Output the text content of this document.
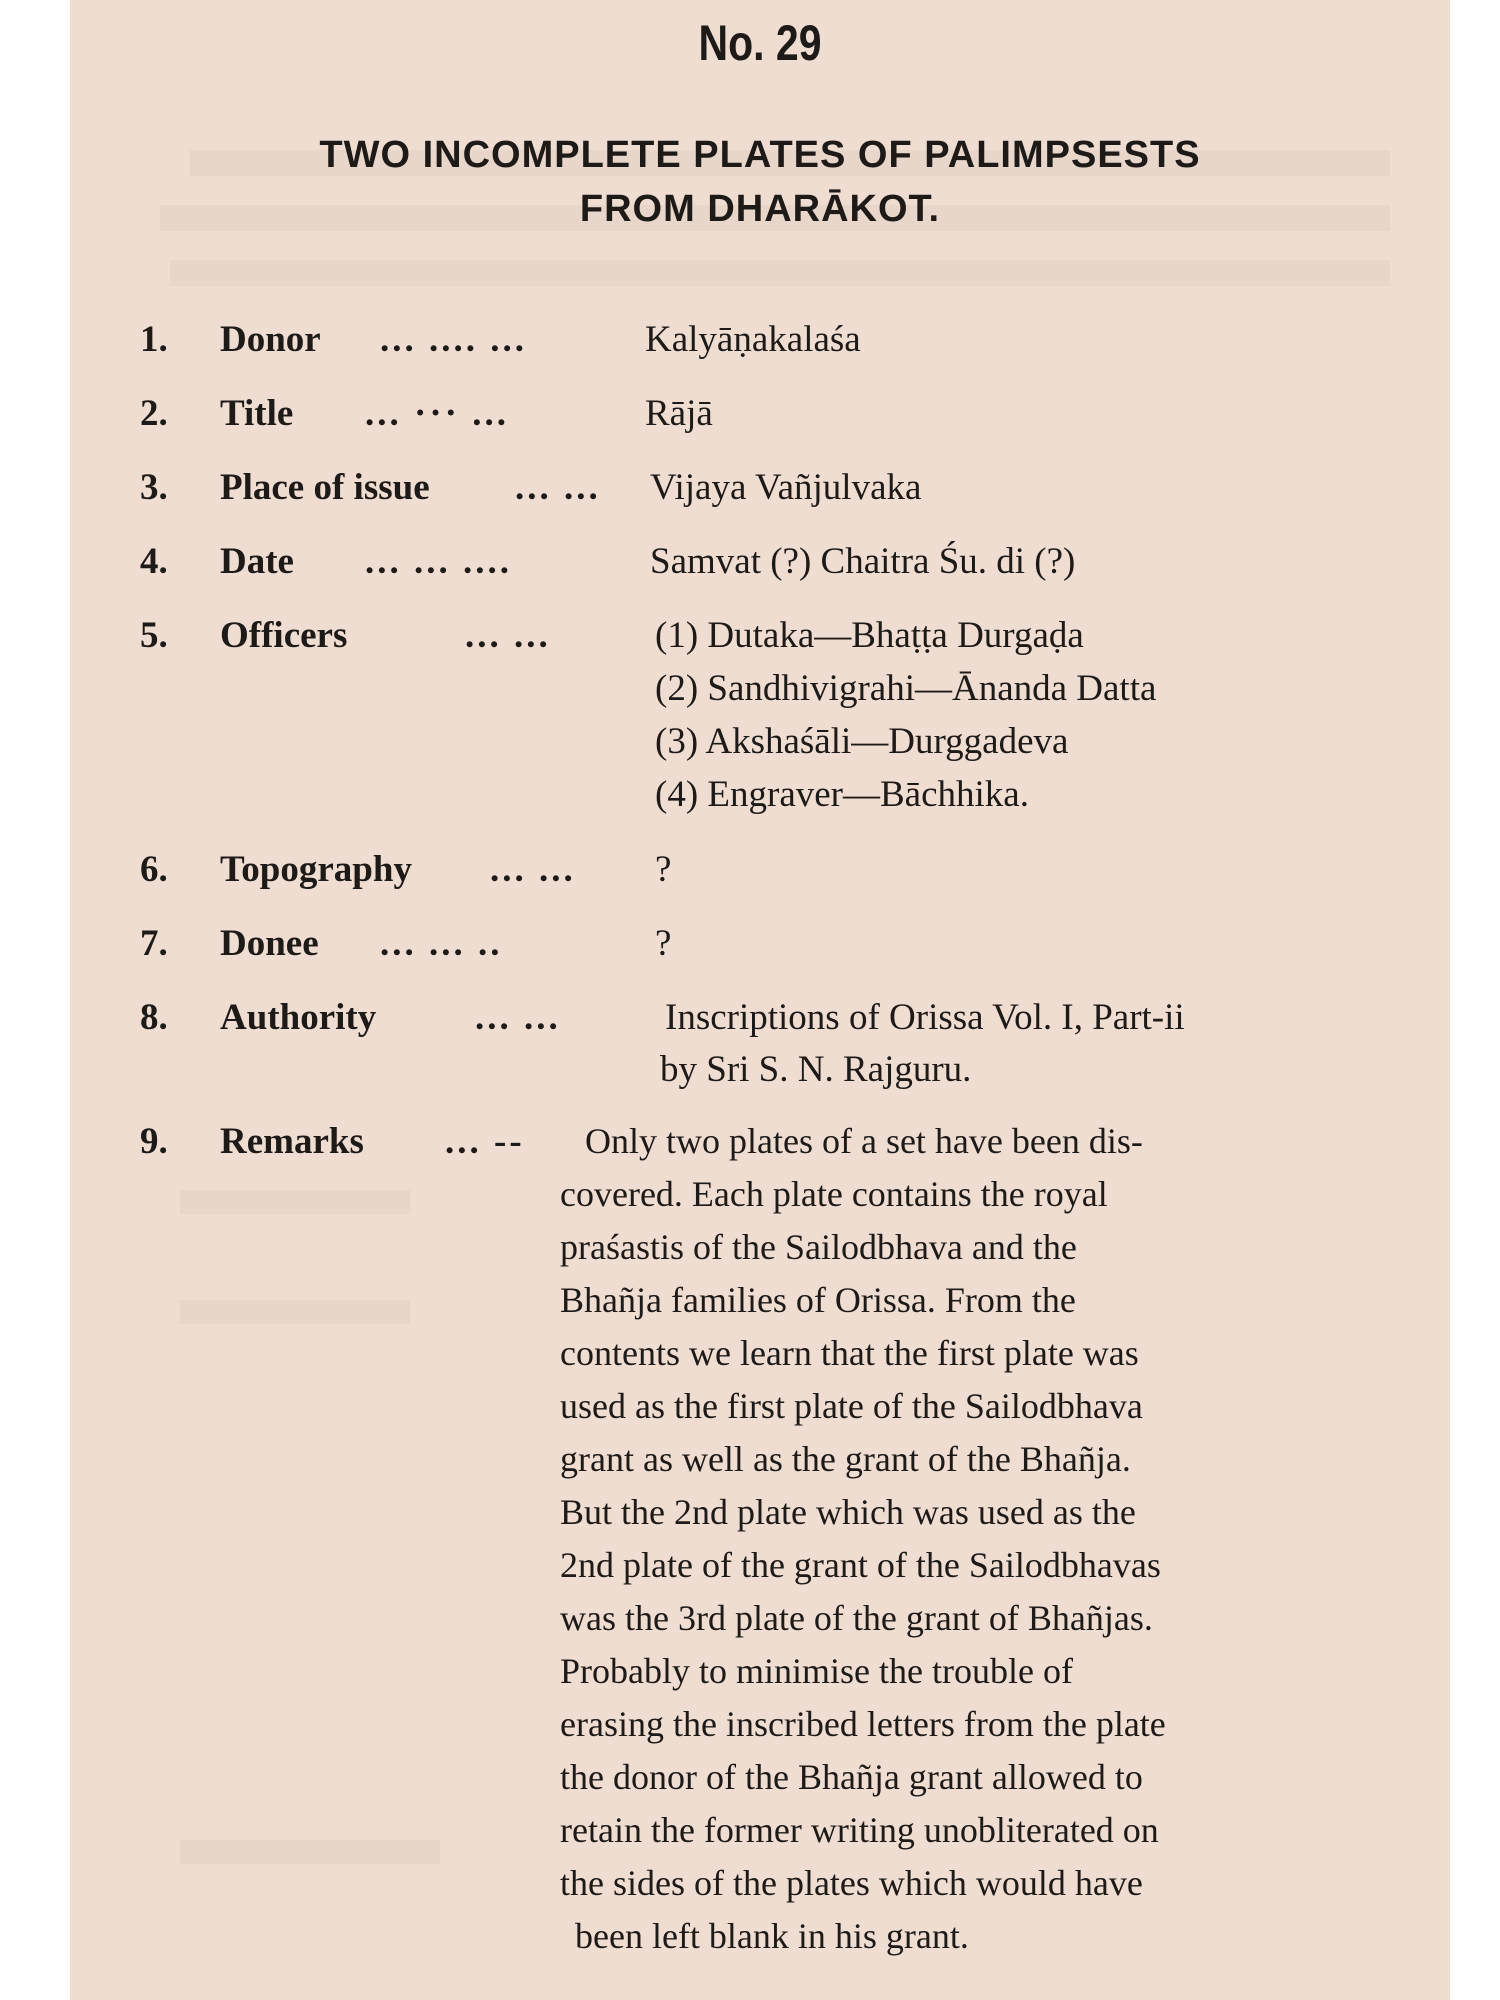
No. 29
TWO INCOMPLETE PLATES OF PALIMPSESTS
FROM DHARĀKOT.
1. Donor ... .... ...	Kalyāṇakalaśa
2. Title ... ··· ...	Rājā
3. Place of issue ... ... Vijaya Vañjulvaka
4. Date ... ... ....	Samvat (?) Chaitra Śu. di (?)
5. Officers	... ...	(1) Dutaka—Bhaṭṭa Durgaḍa
(2) Sandhivigrahi—Ānanda Datta
(3) Akshaśāli—Durggadeva
(4) Engraver—Bāchhika.
6. Topography ... ... ?
7. Donee ... ... ..	?
8. Authority	... ...	Inscriptions of Orissa Vol. I, Part-ii
by Sri S. N. Rajguru.
9. Remarks ... -- Only two plates of a set have been dis-
covered. Each plate contains the royal
praśastis of the Sailodbhava and the
Bhañja families of Orissa. From the
contents we learn that the first plate was
used as the first plate of the Sailodbhava
grant as well as the grant of the Bhañja.
But the 2nd plate which was used as the
2nd plate of the grant of the Sailodbhavas
was the 3rd plate of the grant of Bhañjas.
Probably to minimise the trouble of
erasing the inscribed letters from the plate
the donor of the Bhañja grant allowed to
retain the former writing unobliterated on
the sides of the plates which would have
been left blank in his grant.
